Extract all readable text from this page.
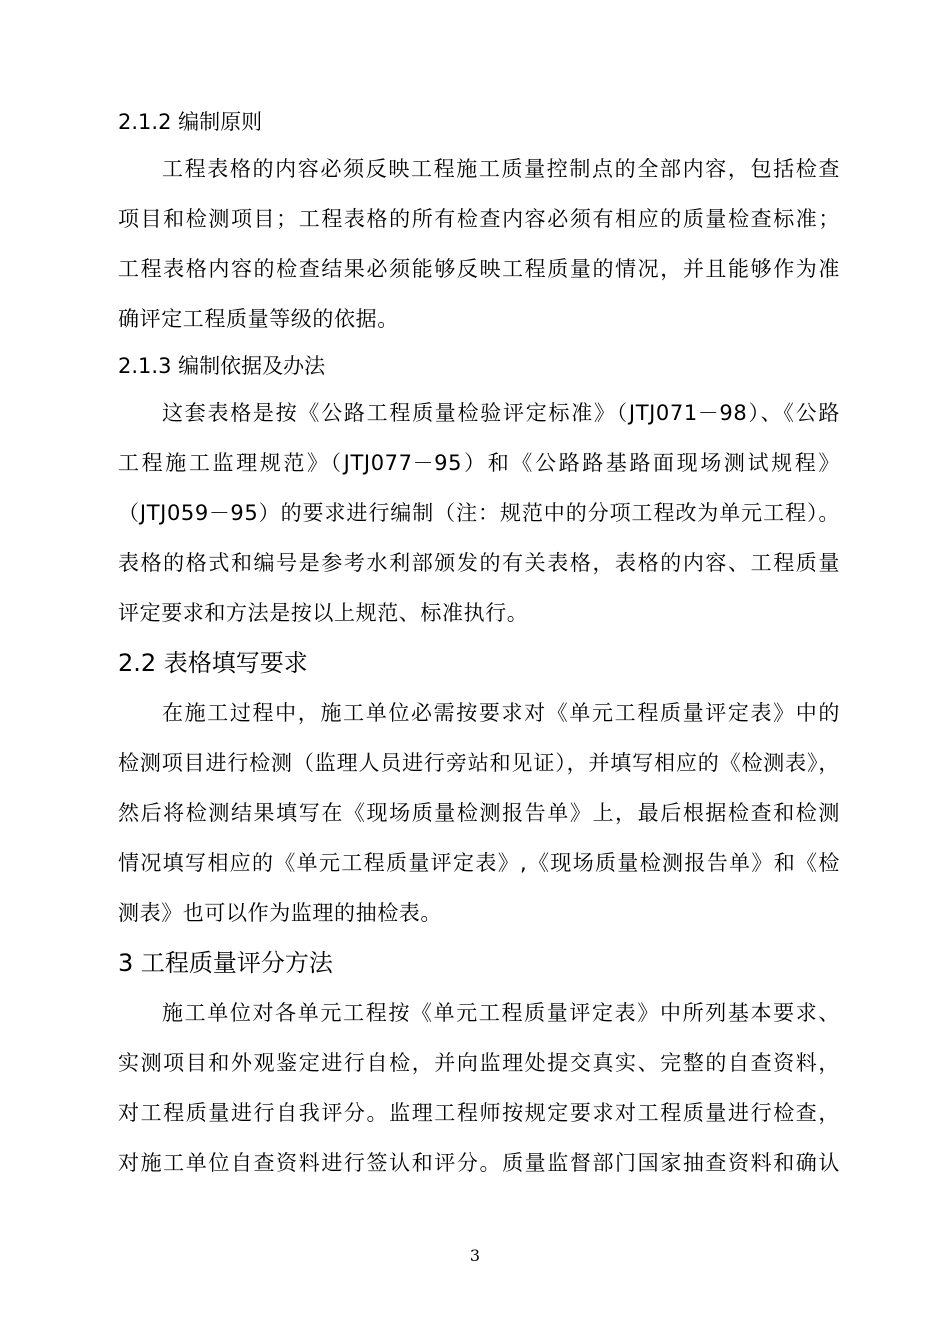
2.1.2 编制原则
工程表格的内容必须反映工程施工质量控制点的全部内容，包括检查
项目和检测项目；工程表格的所有检查内容必须有相应的质量检查标准；
工程表格内容的检查结果必须能够反映工程质量的情况，并且能够作为准
确评定工程质量等级的依据。
2.1.3 编制依据及办法
这套表格是按《公路工程质量检验评定标准》（JTJ071－98）、《公路
工程施工监理规范》（JTJ077－95）和《公路路基路面现场测试规程》
（JTJ059－95）的要求进行编制（注：规范中的分项工程改为单元工程）。
表格的格式和编号是参考水利部颁发的有关表格，表格的内容、工程质量
评定要求和方法是按以上规范、标准执行。
2.2 表格填写要求
在施工过程中，施工单位必需按要求对《单元工程质量评定表》中的
检测项目进行检测（监理人员进行旁站和见证），并填写相应的《检测表》，
然后将检测结果填写在《现场质量检测报告单》上，最后根据检查和检测
情况填写相应的《单元工程质量评定表》,《现场质量检测报告单》和《检
测表》也可以作为监理的抽检表。
3 工程质量评分方法
施工单位对各单元工程按《单元工程质量评定表》中所列基本要求、
实测项目和外观鉴定进行自检，并向监理处提交真实、完整的自查资料，
对工程质量进行自我评分。监理工程师按规定要求对工程质量进行检查，
对施工单位自查资料进行签认和评分。质量监督部门国家抽查资料和确认
3
